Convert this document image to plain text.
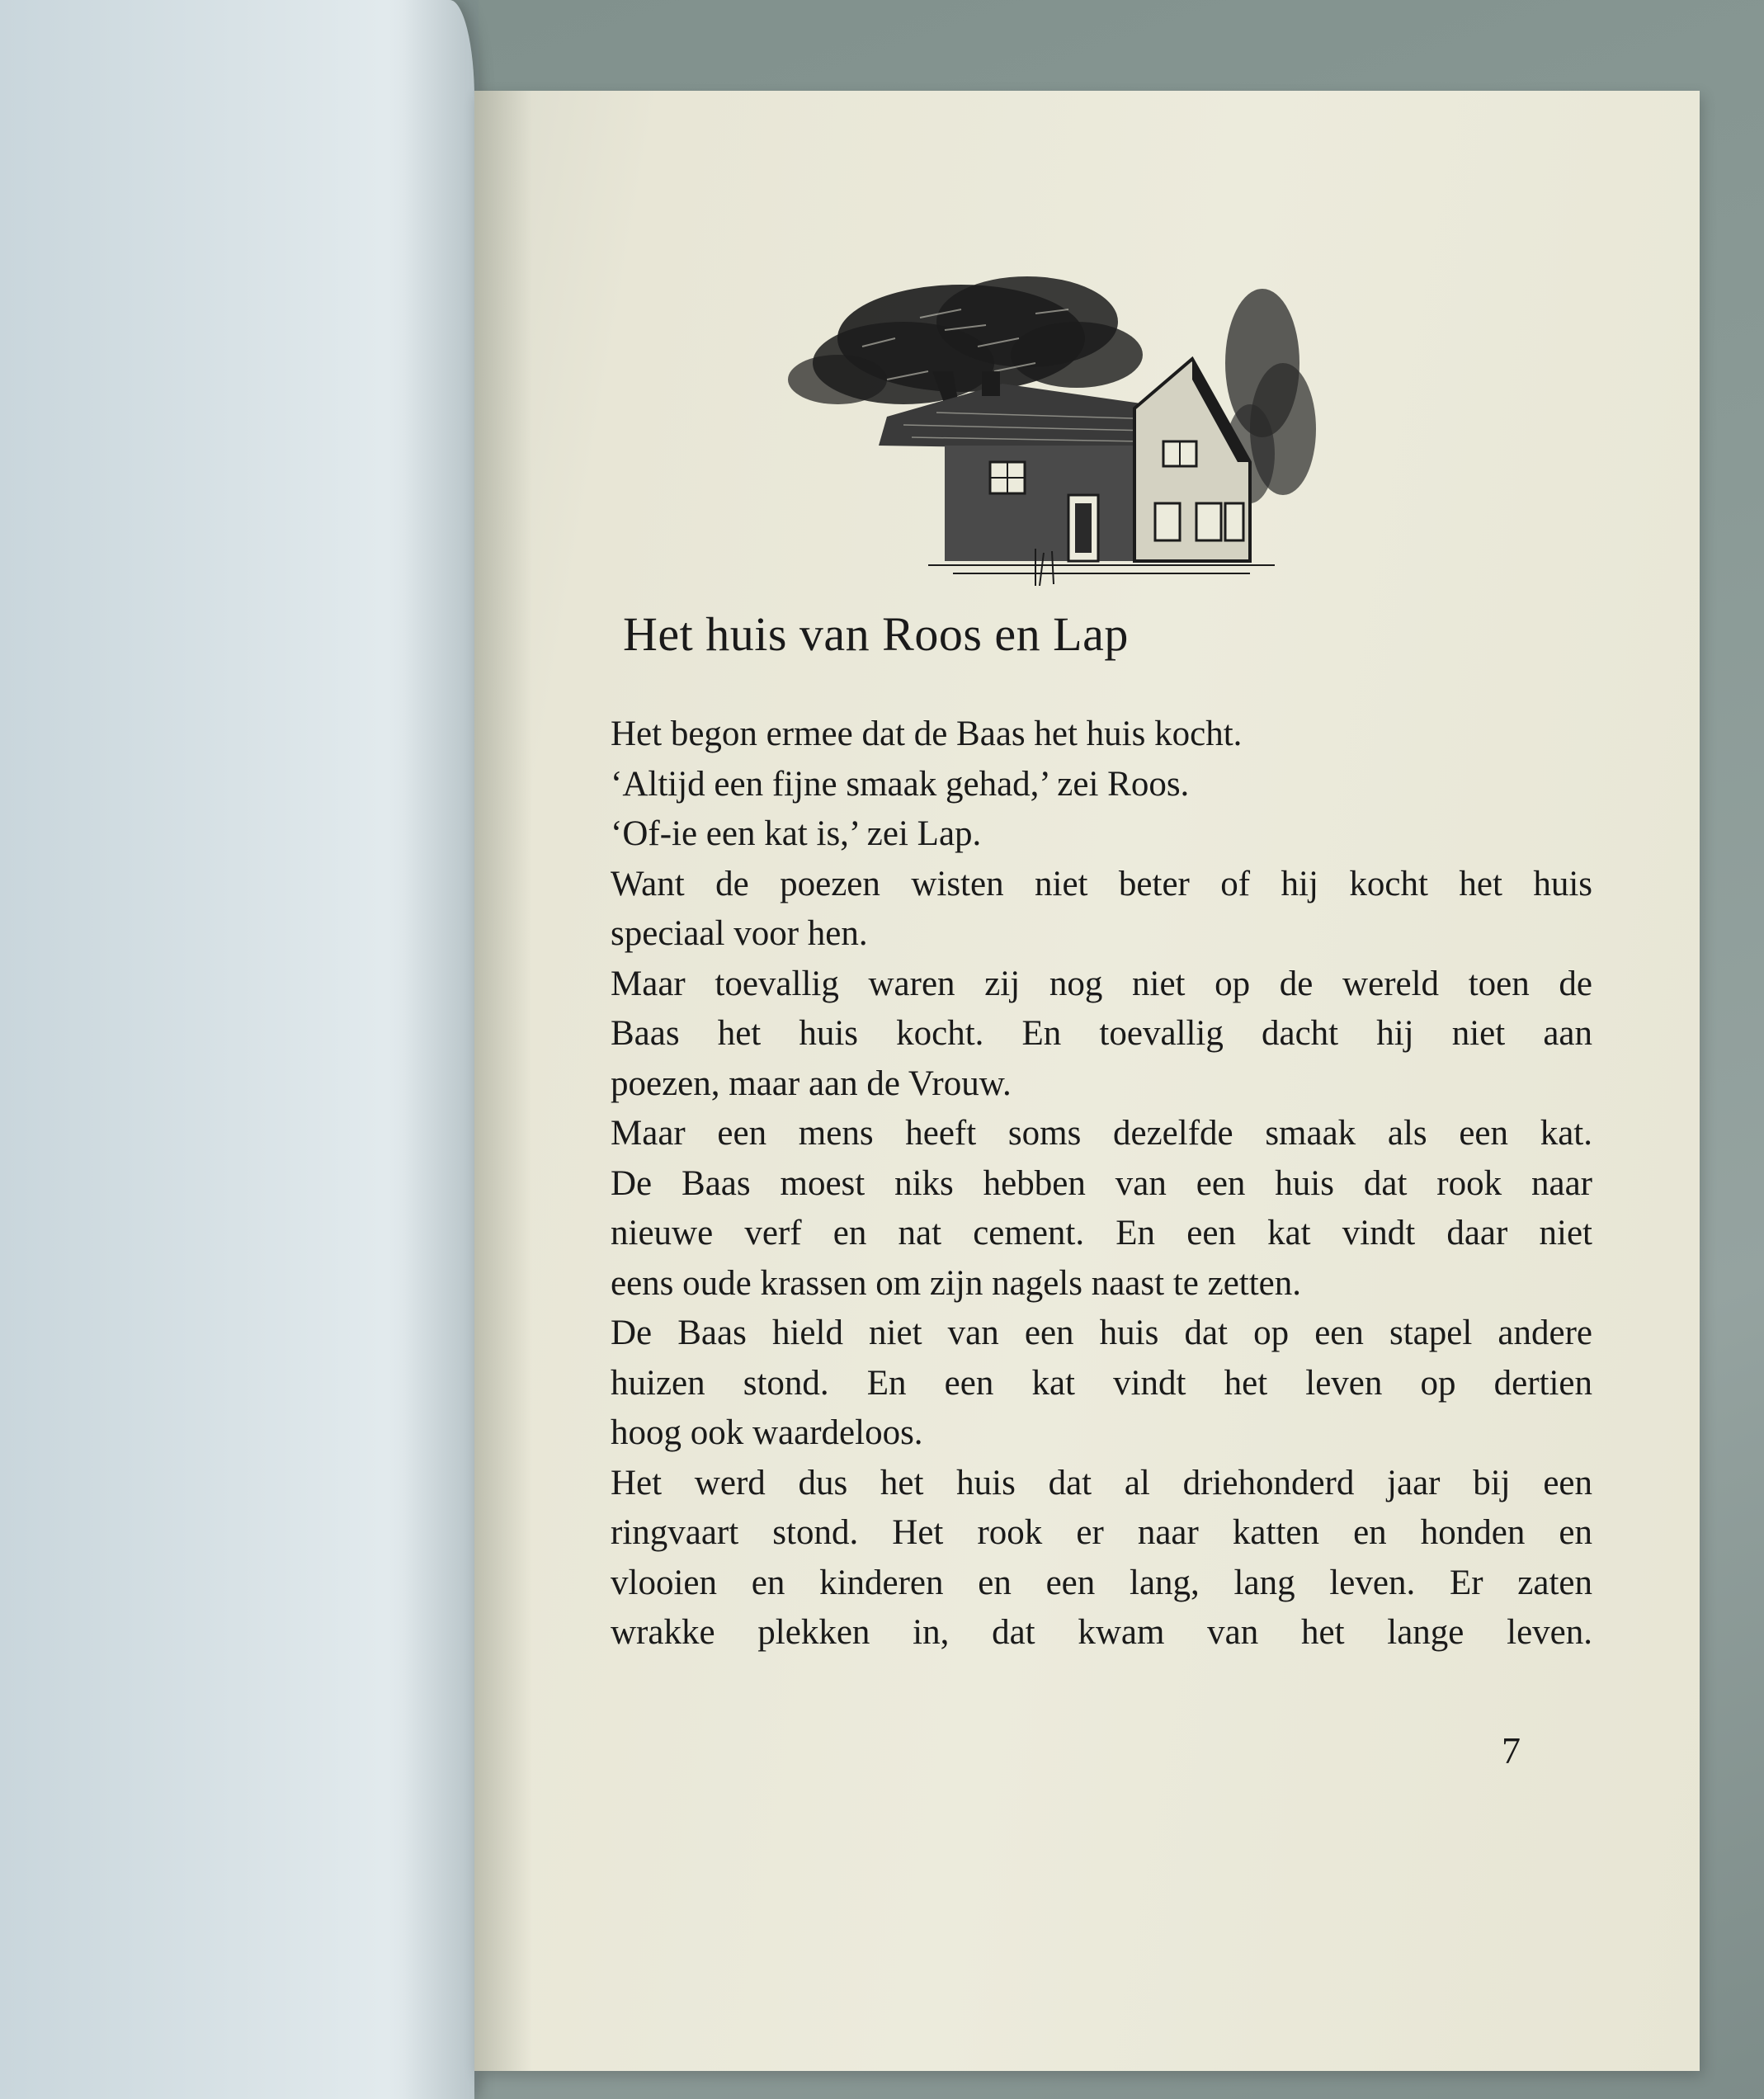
Het huis van Roos en Lap
Het begon ermee dat de Baas het huis kocht.
‘Altijd een fijne smaak gehad,’ zei Roos.
‘Of-ie een kat is,’ zei Lap.
Want de poezen wisten niet beter of hij kocht het huis
speciaal voor hen.
Maar toevallig waren zij nog niet op de wereld toen de
Baas het huis kocht. En toevallig dacht hij niet aan
poezen, maar aan de Vrouw.
Maar een mens heeft soms dezelfde smaak als een kat.
De Baas moest niks hebben van een huis dat rook naar
nieuwe verf en nat cement. En een kat vindt daar niet
eens oude krassen om zijn nagels naast te zetten.
De Baas hield niet van een huis dat op een stapel andere
huizen stond. En een kat vindt het leven op dertien
hoog ook waardeloos.
Het werd dus het huis dat al driehonderd jaar bij een
ringvaart stond. Het rook er naar katten en honden en
vlooien en kinderen en een lang, lang leven. Er zaten
wrakke plekken in, dat kwam van het lange leven.
7
